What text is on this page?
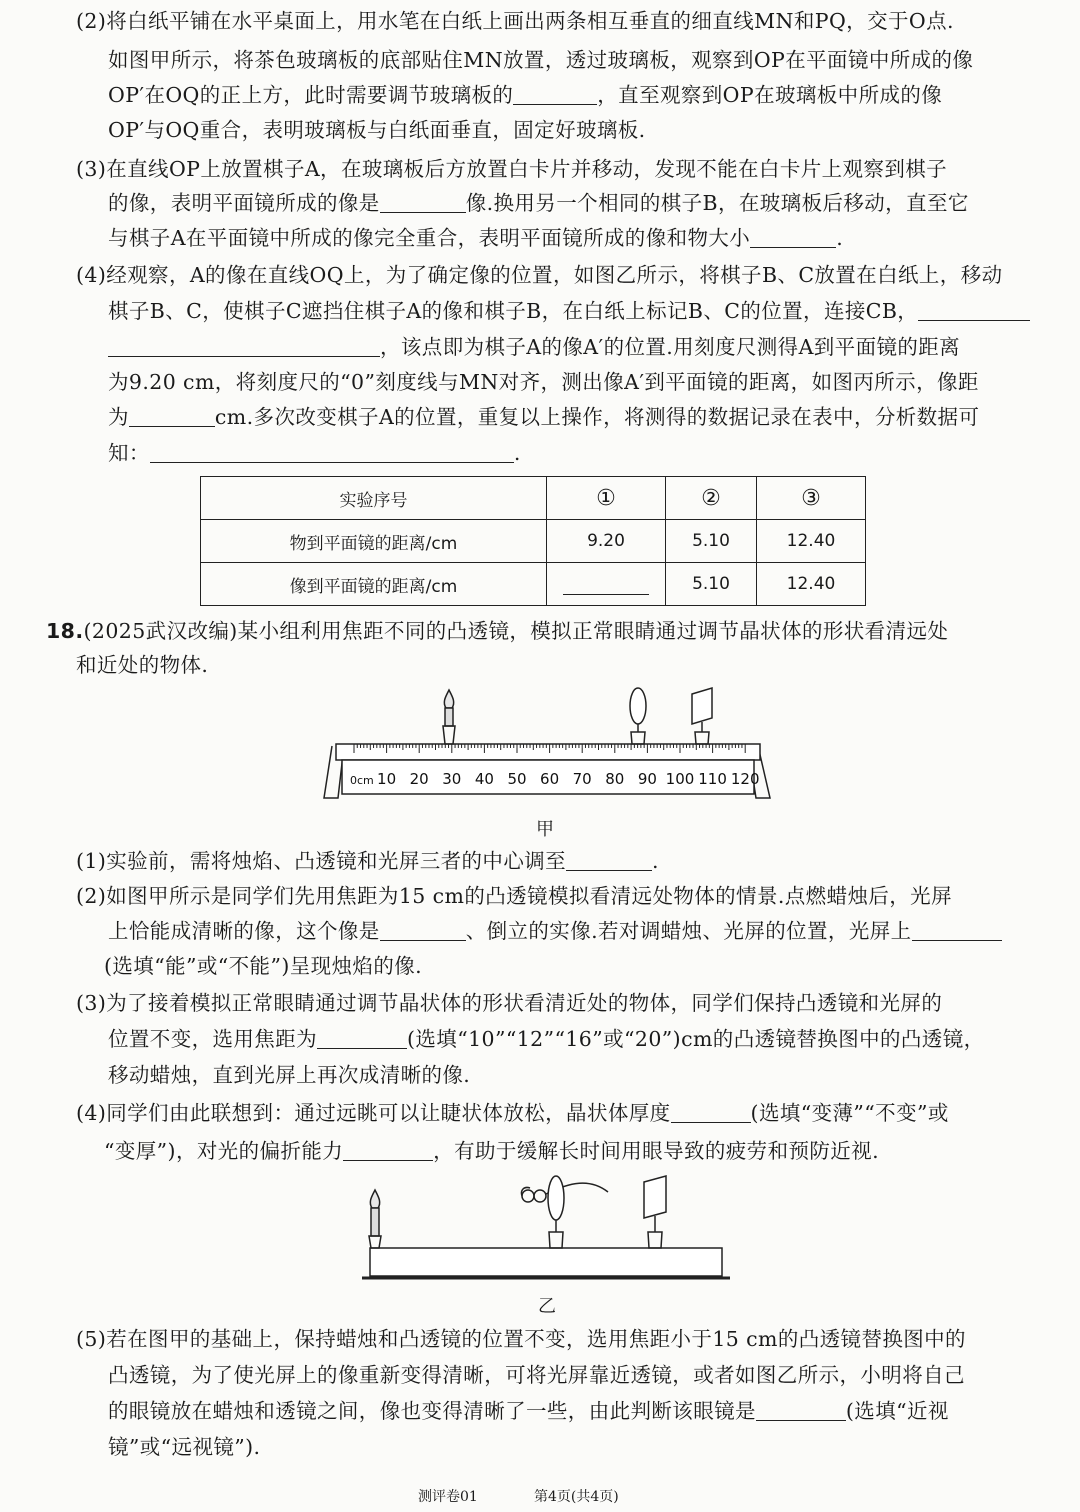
(2)将白纸平铺在水平桌面上，用水笔在白纸上画出两条相互垂直的细直线MN和PQ，交于O点.
如图甲所示，将茶色玻璃板的底部贴住MN放置，透过玻璃板，观察到OP在平面镜中所成的像
OP′在OQ的正上方，此时需要调节玻璃板的	，直至观察到OP在玻璃板中所成的像
OP′与OQ重合，表明玻璃板与白纸面垂直，固定好玻璃板.
(3)在直线OP上放置棋子A，在玻璃板后方放置白卡片并移动，发现不能在白卡片上观察到棋子
的像，表明平面镜所成的像是	像.换用另一个相同的棋子B，在玻璃板后移动，直至它
与棋子A在平面镜中所成的像完全重合，表明平面镜所成的像和物大小	.
(4)经观察，A的像在直线OQ上，为了确定像的位置，如图乙所示，将棋子B、C放置在白纸上，移动
棋子B、C，使棋子C遮挡住棋子A的像和棋子B，在白纸上标记B、C的位置，连接CB，
，该点即为棋子A的像A′的位置.用刻度尺测得A到平面镜的距离
为9.20 cm，将刻度尺的“0”刻度线与MN对齐，测出像A′到平面镜的距离，如图丙所示，像距
为	cm.多次改变棋子A的位置，重复以上操作，将测得的数据记录在表中，分析数据可
知：	.
实验序号	①	②	③
物到平面镜的距离/cm	9.20	5.10	12.40
像到平面镜的距离/cm		5.10	12.40
18.(2025武汉改编)某小组利用焦距不同的凸透镜，模拟正常眼睛通过调节晶状体的形状看清远处
和近处的物体.
0cm 10 20 30 40 50 60 70 80 90 100 110 120
甲
(1)实验前，需将烛焰、凸透镜和光屏三者的中心调至	.
(2)如图甲所示是同学们先用焦距为15 cm的凸透镜模拟看清远处物体的情景.点燃蜡烛后，光屏
上恰能成清晰的像，这个像是	、倒立的实像.若对调蜡烛、光屏的位置，光屏上
(选填“能”或“不能”)呈现烛焰的像.
(3)为了接着模拟正常眼睛通过调节晶状体的形状看清近处的物体，同学们保持凸透镜和光屏的
位置不变，选用焦距为	(选填“10”“12”“16”或“20”)cm的凸透镜替换图中的凸透镜，
移动蜡烛，直到光屏上再次成清晰的像.
(4)同学们由此联想到：通过远眺可以让睫状体放松，晶状体厚度	(选填“变薄”“不变”或
“变厚”)，对光的偏折能力	，有助于缓解长时间用眼导致的疲劳和预防近视.
乙
(5)若在图甲的基础上，保持蜡烛和凸透镜的位置不变，选用焦距小于15 cm的凸透镜替换图中的
凸透镜，为了使光屏上的像重新变得清晰，可将光屏靠近透镜，或者如图乙所示，小明将自己
的眼镜放在蜡烛和透镜之间，像也变得清晰了一些，由此判断该眼镜是	(选填“近视
镜”或“远视镜”).
测评卷01	第4页(共4页)
